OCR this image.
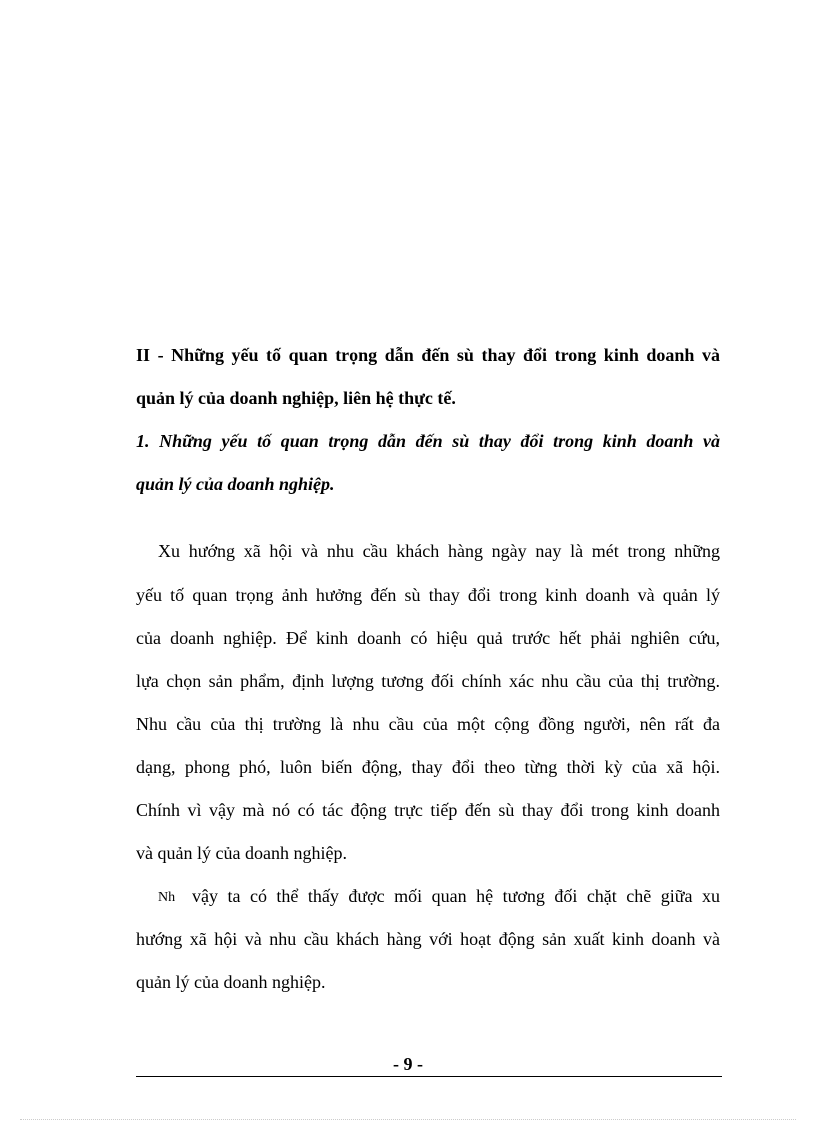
II - Những yếu tố quan trọng dẫn đến sù thay đổi trong kinh doanh và
quản lý của doanh nghiệp, liên hệ thực tế.
1. Những yếu tố quan trọng dẫn đến sù thay đổi trong kinh doanh và
quản lý của doanh nghiệp.
Xu hướng xã hội và nhu cầu khách hàng ngày nay là mét trong những
yếu tố quan trọng ảnh hưởng đến sù thay đổi trong kinh doanh và quản lý
của doanh nghiệp. Để kinh doanh có hiệu quả trước hết phải nghiên cứu,
lựa chọn sản phẩm, định lượng tương đối chính xác nhu cầu của thị trường.
Nhu cầu của thị trường là nhu cầu của một cộng đồng người, nên rất đa
dạng, phong phó, luôn biến động, thay đổi theo từng thời kỳ của xã hội.
Chính vì vậy mà nó có tác động trực tiếp đến sù thay đổi trong kinh doanh
và quản lý của doanh nghiệp.
Nh vậy ta có thể thấy được mối quan hệ tương đối chặt chẽ giữa xu
hướng xã hội và nhu cầu khách hàng với hoạt động sản xuất kinh doanh và
quản lý của doanh nghiệp.
- 9 -
